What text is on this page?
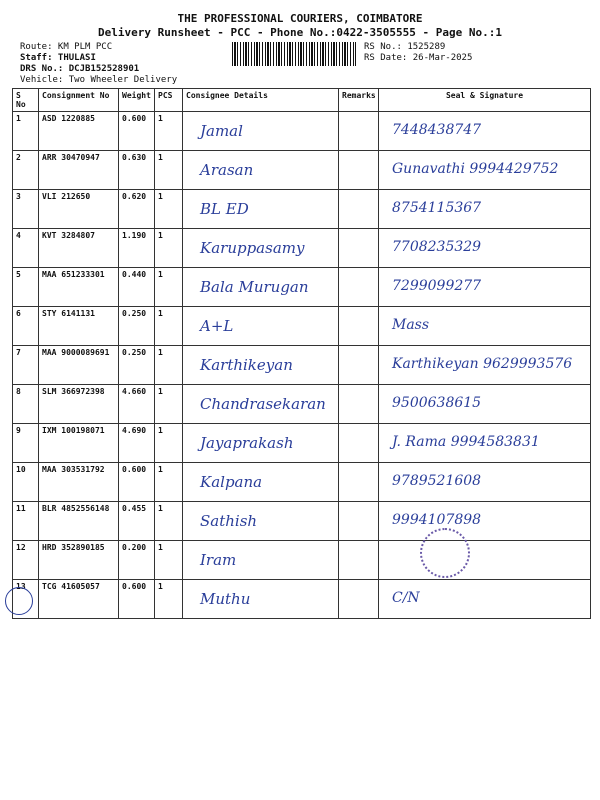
THE PROFESSIONAL COURIERS, COIMBATORE
Delivery Runsheet - PCC - Phone No.:0422-3505555 - Page No.:1
Route: KM PLM PCC
Staff: THULASI
DRS No.: DCJB152528901
Vehicle: Two Wheeler Delivery
RS No.: 1525289
RS Date: 26-Mar-2025
S No	Consignment No	Weight	PCS	Consignee Details	Remarks	Seal & Signature
1	ASD 1220885	0.600	1	Jamal		7448438747

2	ARR 30470947	0.630	1	Arasan		Gunavathi 9994429752

3	VLI 212650	0.620	1	BL ED		8754115367

4	KVT 3284807	1.190	1	Karuppasamy		7708235329

5	MAA 651233301	0.440	1	Bala Murugan		7299099277

6	STY 6141131	0.250	1	A+L		Mass

7	MAA 9000089691	0.250	1	Karthikeyan		Karthikeyan 9629993576

8	SLM 366972398	4.660	1	Chandrasekaran		9500638615

9	IXM 100198071	4.690	1	Jayaprakash		J. Rama 9994583831

10	MAA 303531792	0.600	1	Kalpana		9789521608

11	BLR 4852556148	0.455	1	Sathish		9994107898

12	HRD 352890185	0.200	1	Iram		

13	TCG 41605057	0.600	1	Muthu		C/N
